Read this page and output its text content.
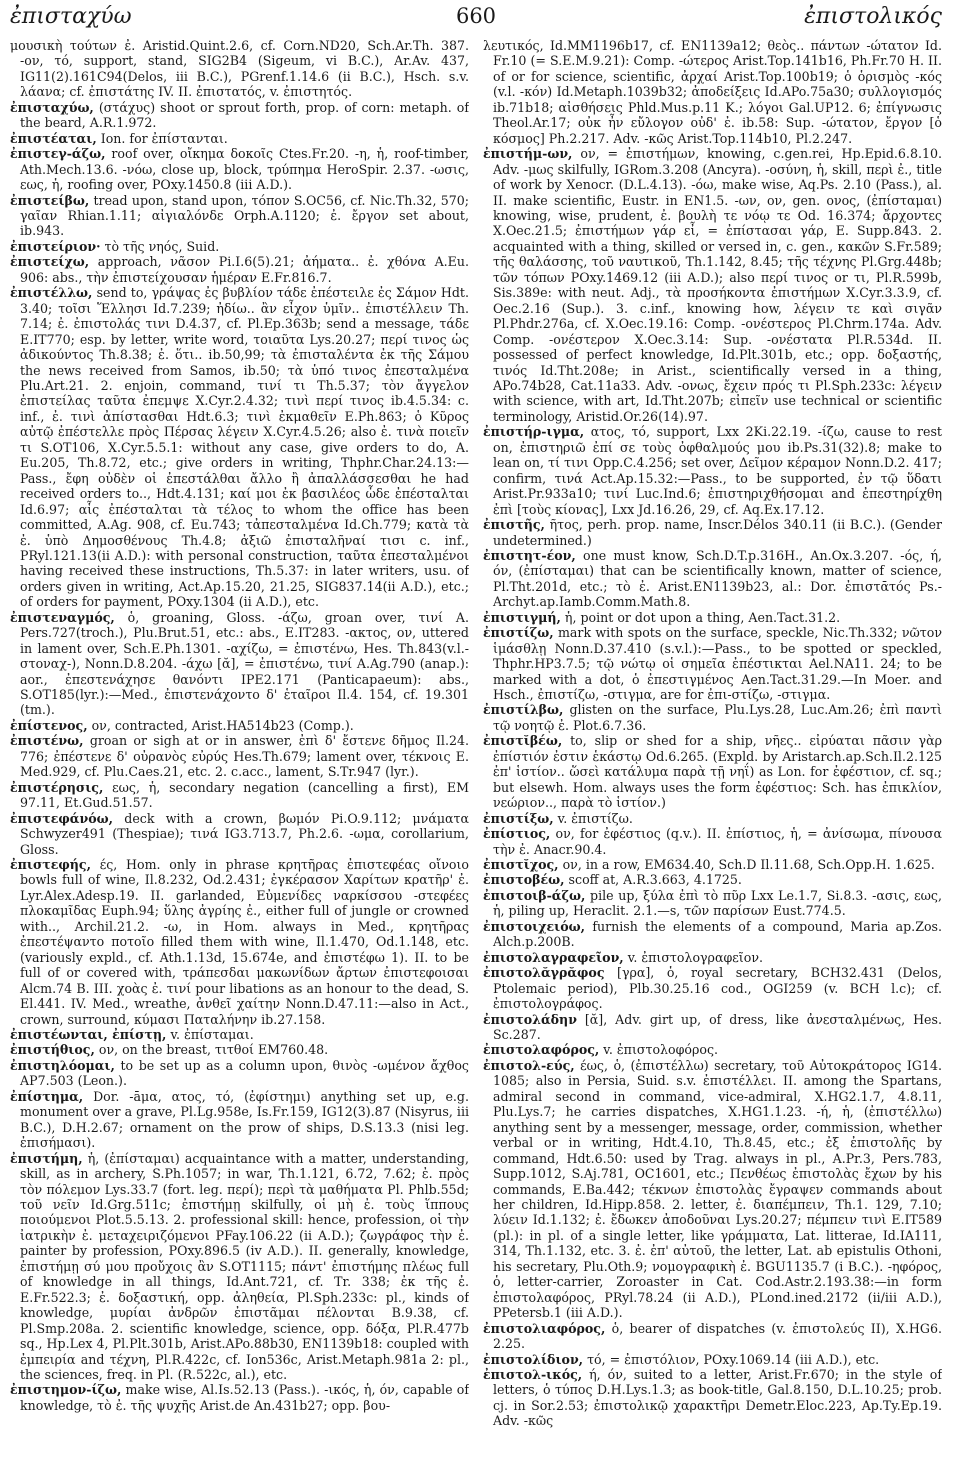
ἐπισταχύω	660	ἐπιστολικός

μουσικὴ τούτων ἐ. Aristid.Quint.2.6, cf. Corn.ND20, Sch.Ar.Th. 387. -ον, τό, support, stand, SIG2B4 (Sigeum, vi B.C.), Ar.Av. 437, IG11(2).161C94(Delos, iii B.C.), PGrenf.1.14.6 (ii B.C.), Hsch. s.v. λάανα; cf. ἐπιστάτης IV. II. ἐπιστατός, v. ἐπιστητός.

ἐπισταχύω, (στάχυς) shoot or sprout forth, prop. of corn: metaph. of the beard, A.R.1.972.

ἐπιστέαται, Ion. for ἐπίστανται.

ἐπιστεγ-άζω, roof over, οἴκημα δοκοῖς Ctes.Fr.20. -η, ἡ, roof-timber, Ath.Mech.13.6. -νόω, close up, block, τρύπημα HeroSpir. 2.37. -ωσις, εως, ἡ, roofing over, POxy.1450.8 (iii A.D.).

ἐπιστείβω, tread upon, stand upon, τόπον S.OC56, cf. Nic.Th.32, 570; γαῖαν Rhian.1.11; αἰγιαλόνδε Orph.A.1120; ἐ. ἔργον set about, ib.943.

ἐπιστείριον· τὸ τῆς νηός, Suid.

ἐπιστείχω, approach, νᾶσον Pi.I.6(5).21; ἀήματα.. ἐ. χθόνα A.Eu. 906: abs., τὴν ἐπιστείχουσαν ἡμέραν E.Fr.816.7.

ἐπιστέλλω, send to, γράψας ἐς βυβλίον τάδε ἐπέστειλε ἐς Σάμον Hdt. 3.40; τοῖσι Ἕλλησι Id.7.239; ἠδίω.. ἂν εἶχον ὑμῖν.. ἐπιστέλλειν Th. 7.14; ἐ. ἐπιστολάς τινι D.4.37, cf. Pl.Ep.363b; send a message, τάδε E.IT770; esp. by letter, write word, τοιαῦτα Lys.20.27; περί τινος ὡς ἀδικούντος Th.8.38; ἐ. ὅτι.. ib.50,99; τὰ ἐπισταλέντα ἐκ τῆς Σάμου the news received from Samos, ib.50; τὰ ὑπό τινος ἐπεσταλμένα Plu.Art.21. 2. enjoin, command, τινί τι Th.5.37; τὸν ἄγγελον ἐπιστείλας ταῦτα ἐπεμψε X.Cyr.2.4.32; τινὶ περί τινος ib.4.5.34: c. inf., ἐ. τινὶ ἀπίστασθαι Hdt.6.3; τινὶ ἐκμαθεῖν E.Ph.863; ὁ Κῦρος αὐτῷ ἐπέστελλε πρὸς Πέρσας λέγειν X.Cyr.4.5.26; also ἐ. τινὰ ποιεῖν τι S.OT106, X.Cyr.5.5.1: without any case, give orders to do, A. Eu.205, Th.8.72, etc.; give orders in writing, Thphr.Char.24.13:— Pass., ἔφη οὐδὲν οἱ ἐπεστάλθαι ἄλλο ἢ ἀπαλλάσσεσθαι he had received orders to.., Hdt.4.131; καί μοι ἐκ βασιλέος ὧδε ἐπέσταλται Id.6.97; αἷς ἐπέσταλται τὰ τέλος to whom the office has been committed, A.Ag. 908, cf. Eu.743; τἀπεσταλμένα Id.Ch.779; κατὰ τὰ ἐ. ὑπὸ Δημοσθένους Th.4.8; ἀξιῶ ἐπισταλῆναί τισι c. inf., PRyl.121.13(ii A.D.): with personal construction, ταῦτα ἐπεσταλμένοι having received these instructions, Th.5.37: in later writers, usu. of orders given in writing, Act.Ap.15.20, 21.25, SIG837.14(ii A.D.), etc.; of orders for payment, POxy.1304 (ii A.D.), etc.

ἐπιστεναγμός, ὁ, groaning, Gloss. -άζω, groan over, τινί A. Pers.727(troch.), Plu.Brut.51, etc.: abs., E.IT283. -ακτος, ον, uttered in lament over, Sch.E.Ph.1301. -αχίζω, = ἐπιστένω, Hes. Th.843(v.l.-στοναχ-), Nonn.D.8.204. -άχω [ᾰ], = ἐπιστένω, τινί A.Ag.790 (anap.): aor., ἐπεστενάχησε θανόντι IPE2.171 (Panticapaeum): abs., S.OT185(lyr.):—Med., ἐπιστενάχοντο δ' ἑταῖροι Il.4. 154, cf. 19.301 (tm.).

ἐπίστενος, ον, contracted, Arist.HA514b23 (Comp.).

ἐπιστένω, groan or sigh at or in answer, ἐπὶ δ' ἔστενε δῆμος Il.24. 776; ἐπέστενε δ' οὐρανὸς εὐρύς Hes.Th.679; lament over, τέκνοις E. Med.929, cf. Plu.Caes.21, etc. 2. c.acc., lament, S.Tr.947 (lyr.).

ἐπιστέρησις, εως, ἡ, secondary negation (cancelling a first), EM 97.11, Et.Gud.51.57.

ἐπιστεφάνόω, deck with a crown, βωμόν Pi.O.9.112; μνάματα Schwyzer491 (Thespiae); τινά IG3.713.7, Ph.2.6. -ωμα, corollarium, Gloss.

ἐπιστεφής, ές, Hom. only in phrase κρητῆρας ἐπιστεφέας οἴνοιο bowls full of wine, Il.8.232, Od.2.431; ἐγκέρασον Χαρίτων κρατῆρ' ἐ. Lyr.Alex.Adesp.19. II. garlanded, Εὐμενίδες ναρκίσσου -στεφέες πλοκαμῖδας Euph.94; ὕλης ἀγρίης ἐ., either full of jungle or crowned with.., Archil.21.2. -ω, in Hom. always in Med., κρητῆρας ἐπεστέψαντο ποτοῖο filled them with wine, Il.1.470, Od.1.148, etc. (variously expld., cf. Ath.1.13d, 15.674e, and ἐπιστέφω 1). II. to be full of or covered with, τράπεσδαι μακωνίδων ἄρτων ἐπιστεφοισαι Alcm.74 B. III. χοὰς ἐ. τινί pour libations as an honour to the dead, S. El.441. IV. Med., wreathe, ἀνθεῖ χαίτην Nonn.D.47.11:—also in Act., crown, surround, κύμασι Παταλήνην ib.27.158.

ἐπιστέωνται, ἐπίστῃ, v. ἐπίσταμαι.

ἐπιστήθιος, ον, on the breast, τιτθοί EM760.48.

ἐπιστηλόομαι, to be set up as a column upon, θινὸς -ωμένον ἄχθος AP7.503 (Leon.).

ἐπίστημα, Dor. -āμα, ατος, τό, (ἐφίστημι) anything set up, e.g. monument over a grave, Pl.Lg.958e, Is.Fr.159, IG12(3).87 (Nisyrus, iii B.C.), D.H.2.67; ornament on the prow of ships, D.S.13.3 (nisi leg. ἐπισήμασι).

ἐπιστήμη, ἡ, (ἐπίσταμαι) acquaintance with a matter, understanding, skill, as in archery, S.Ph.1057; in war, Th.1.121, 6.72, 7.62; ἐ. πρὸς τὸν πόλεμον Lys.33.7 (fort. leg. περί); περὶ τὰ μαθήματα Pl. Phlb.55d; τοῦ νεῖν Id.Grg.511c; ἐπιστήμῃ skilfully, οἱ μὴ ἐ. τοὺς ἵππους ποιούμενοι Plot.5.5.13. 2. professional skill: hence, profession, οἱ τὴν ἰατρικὴν ἐ. μεταχειριζόμενοι PFay.106.22 (ii A.D.); ζωγράφος τὴν ἐ. painter by profession, POxy.896.5 (iv A.D.). II. generally, knowledge, ἐπιστήμῃ σύ μου προὔχοις ἂν S.OT1115; πάντ' ἐπιστήμης πλέως full of knowledge in all things, Id.Ant.721, cf. Tr. 338; ἐκ τῆς ἐ. E.Fr.522.3; ἐ. δοξαστική, opp. ἀληθεία, Pl.Sph.233c: pl., kinds of knowledge, μυρίαι ἀνδρῶν ἐπιστᾶμαι πέλονται B.9.38, cf. Pl.Smp.208a. 2. scientific knowledge, science, opp. δόξα, Pl.R.477b sq., Hp.Lex 4, Pl.Plt.301b, Arist.APo.88b30, EN1139b18: coupled with ἐμπειρία and τέχνη, Pl.R.422c, cf. Ion536c, Arist.Metaph.981a 2: pl., the sciences, freq. in Pl. (R.522c, al.), etc.

ἐπιστημον-ίζω, make wise, Al.Is.52.13 (Pass.). -ικός, ἡ, όν, capable of knowledge, τὸ ἐ. τῆς ψυχῆς Arist.de An.431b27; opp. βου-

λευτικός, Id.MM1196b17, cf. EN1139a12; θεὸς.. πάντων -ώτατον Id. Fr.10 (= S.E.M.9.21): Comp. -ώτερος Arist.Top.141b16, Ph.Fr.70 H. II. of or for science, scientific, ἀρχαί Arist.Top.100b19; ὁ ὁρισμὸς -κός (v.l. -κόν) Id.Metaph.1039b32; ἀποδείξεις Id.APo.75a30; συλλογισμός ib.71b18; αἰσθήσεις Phld.Mus.p.11 K.; λόγοι Gal.UP12. 6; ἐπίγνωσις Theol.Ar.17; οὐκ ἦν εὔλογον οὐδ' ἐ. ib.58: Sup. -ώτατον, ἔργον [ὁ κόσμος] Ph.2.217. Adv. -κῶς Arist.Top.114b10, Pl.2.247.

ἐπιστήμ-ων, ον, = ἐπιστήμων, knowing, c.gen.rei, Hp.Epid.6.8.10. Adv. -μως skilfully, IGRom.3.208 (Ancyra). -οσύνη, ἡ, skill, περὶ ἐ., title of work by Xenocr. (D.L.4.13). -όω, make wise, Aq.Ps. 2.10 (Pass.), al. II. make scientific, Eustr. in EN1.5. -ων, ον, gen. ονος, (ἐπίσταμαι) knowing, wise, prudent, ἐ. βουλὴ τε νόῳ τε Od. 16.374; ἄρχοντες X.Oec.21.5; ἐπιστήμων γάρ εἶ, = ἐπίστασαι γάρ, E. Supp.843. 2. acquainted with a thing, skilled or versed in, c. gen., κακῶν S.Fr.589; τῆς θαλάσσης, τοῦ ναυτικοῦ, Th.1.142, 8.45; τῆς τέχνης Pl.Grg.448b; τῶν τόπων POxy.1469.12 (iii A.D.); also περί τινος or τι, Pl.R.599b, Sis.389e: with neut. Adj., τὰ προσήκοντα ἐπιστήμων X.Cyr.3.3.9, cf. Oec.2.16 (Sup.). 3. c.inf., knowing how, λέγειν τε καὶ σιγᾶν Pl.Phdr.276a, cf. X.Oec.19.16: Comp. -ονέστερος Pl.Chrm.174a. Adv. Comp. -ονέστερον X.Oec.3.14: Sup. -ονέστατα Pl.R.534d. II. possessed of perfect knowledge, Id.Plt.301b, etc.; opp. δοξαστής, τινός Id.Tht.208e; in Arist., scientifically versed in a thing, APo.74b28, Cat.11a33. Adv. -ονως, ἔχειν πρός τι Pl.Sph.233c: λέγειν with science, with art, Id.Tht.207b; εἰπεῖν use technical or scientific terminology, Aristid.Or.26(14).97.

ἐπιστήρ-ιγμα, ατος, τό, support, Lxx 2Ki.22.19. -ίζω, cause to rest on, ἐπιστηριῶ ἐπί σε τοὺς ὀφθαλμούς μου ib.Ps.31(32).8; make to lean on, τί τινι Opp.C.4.256; set over, Δεῖμον κέραμον Nonn.D.2. 417; confirm, τινά Act.Ap.15.32:—Pass., to be supported, ἐν τῷ ὕδατι Arist.Pr.933a10; τινί Luc.Ind.6; ἐπιστηριχθήσομαι and ἐπεστηρίχθη ἐπὶ [τοὺς κίονας], Lxx Jd.16.26, 29, cf. Aq.Ex.17.12.

ἐπιστῆς, ῆτος, perh. prop. name, Inscr.Délos 340.11 (ii B.C.). (Gender undetermined.)

ἐπιστητ-έον, one must know, Sch.D.T.p.316H., An.Ox.3.207. -ός, ή, όν, (ἐπίσταμαι) that can be scientifically known, matter of science, Pl.Tht.201d, etc.; τὸ ἐ. Arist.EN1139b23, al.: Dor. ἐπιστᾱτός Ps.-Archyt.ap.Iamb.Comm.Math.8.

ἐπιστιγμή, ἡ, point or dot upon a thing, Aen.Tact.31.2.

ἐπιστίζω, mark with spots on the surface, speckle, Nic.Th.332; νῶτον ἱμάσθλῃ Nonn.D.37.410 (s.v.l.):—Pass., to be spotted or speckled, Thphr.HP3.7.5; τῷ νώτῳ οἱ σημεῖα ἐπέστικται Ael.NA11. 24; to be marked with a dot, ὁ ἐπεστιγμένος Aen.Tact.31.29.—In Moer. and Hsch., ἐπιστίζω, -στιγμα, are for ἐπι-στίζω, -στιγμα.

ἐπιστίλβω, glisten on the surface, Plu.Lys.28, Luc.Am.26; ἐπὶ παντὶ τῷ νοητῷ ἐ. Plot.6.7.36.

ἐπιστῐβέω, to, slip or shed for a ship, νῆες.. εἰρύαται πᾶσιν γὰρ ἐπίστιόν ἐστιν ἑκάστῳ Od.6.265. (Expld. by Aristarch.ap.Sch.Il.2.125 ἐπ' ἱστίον.. ὥσεὶ κατάλυμα παρὰ τῇ νηΐ) as Lon. for ἐφέστιον, cf. sq.; but elsewh. Hom. always uses the form ἐφέστιος: Sch. has ἐπικλίον, νεώριον.., παρὰ τὸ ἱστίον.)

ἐπιστίξω, v. ἐπιστίζω.

ἐπίστιος, ον, for ἐφέστιος (q.v.). II. ἐπίστιος, ἡ, = ἀνίσωμα, πίνουσα τὴν ἐ. Anacr.90.4.

ἐπιστῐχος, ον, in a row, EM634.40, Sch.D Il.11.68, Sch.Opp.H. 1.625.

ἐπιστοβέω, scoff at, A.R.3.663, 4.1725.

ἐπιστοιβ-άζω, pile up, ξύλα ἐπὶ τὸ πῦρ Lxx Le.1.7, Si.8.3. -ασις, εως, ἡ, piling up, Heraclit. 2.1.—s, τῶν παρίσων Eust.774.5.

ἐπιστοιχειόω, furnish the elements of a compound, Maria ap.Zos. Alch.p.200B.

ἐπιστολαγραφεῖον, v. ἐπιστολογραφεῖον.

ἐπιστολᾰγρᾰφος [γρα], ὁ, royal secretary, BCH32.431 (Delos, Ptolemaic period), Plb.30.25.16 cod., OGI259 (v. BCH l.c); cf. ἐπιστολογράφος.

ἐπιστολάδην [ᾰ], Adv. girt up, of dress, like ἀνεσταλμένως, Hes. Sc.287.

ἐπιστολαφόρος, v. ἐπιστολοφόρος.

ἐπιστολ-εύς, έως, ὁ, (ἐπιστέλλω) secretary, τοῦ Αὐτοκράτορος IG14. 1085; also in Persia, Suid. s.v. ἐπιστέλλει. II. among the Spartans, admiral second in command, vice-admiral, X.HG2.1.7, 4.8.11, Plu.Lys.7; he carries dispatches, X.HG1.1.23. -ή, ἡ, (ἐπιστέλλω) anything sent by a messenger, message, order, commission, whether verbal or in writing, Hdt.4.10, Th.8.45, etc.; ἐξ ἐπιστολῆς by command, Hdt.6.50: used by Trag. always in pl., A.Pr.3, Pers.783, Supp.1012, S.Aj.781, OC1601, etc.; Πενθέως ἐπιστολὰς ἔχων by his commands, E.Ba.442; τέκνων ἐπιστολὰς ἔγραψεν commands about her children, Id.Hipp.858. 2. letter, ἐ. διαπέμπειν, Th.1. 129, 7.10; λύειν Id.1.132; ἐ. ἔδωκεν ἀποδοῦναι Lys.20.27; πέμπειν τινὶ E.IT589 (pl.): in pl. of a single letter, like γράμματα, Lat. litterae, Id.IA111, 314, Th.1.132, etc. 3. ἐ. ἐπ' αὐτοῦ, the letter, Lat. ab epistulis Othoni, his secretary, Plu.Oth.9; νομογραφικὴ ἐ. BGU1135.7 (i B.C.). -ηφόρος, ὁ, letter-carrier, Zoroaster in Cat. Cod.Astr.2.193.38:—in form ἐπιστολαφόρος, PRyl.78.24 (ii A.D.), PLond.ined.2172 (ii/iii A.D.), PPetersb.1 (iii A.D.).

ἐπιστολιαφόρος, ὁ, bearer of dispatches (v. ἐπιστολεύς II), X.HG6. 2.25.

ἐπιστολίδιον, τό, = ἐπιστόλιον, POxy.1069.14 (iii A.D.), etc.

ἐπιστολ-ικός, ή, όν, suited to a letter, Arist.Fr.670; in the style of letters, ὁ τύπος D.H.Lys.1.3; as book-title, Gal.8.150, D.L.10.25; prob. cj. in Sor.2.53; ἐπιστολικῷ χαρακτῆρι Demetr.Eloc.223, Ap.Ty.Ep.19. Adv. -κῶς
